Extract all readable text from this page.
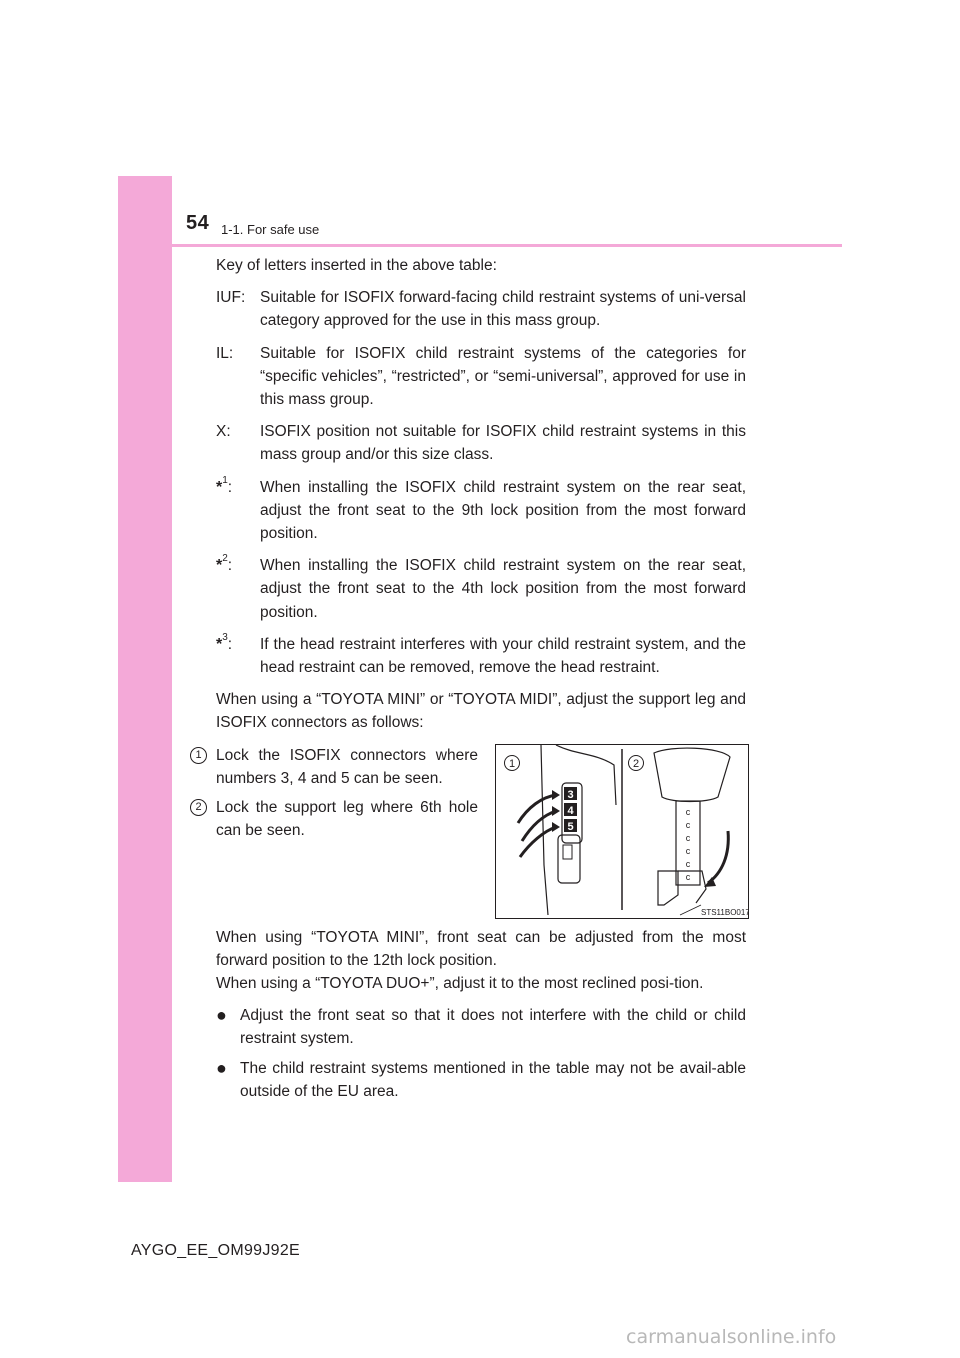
54 1-1. For safe use

Key of letters inserted in the above table:

IUF: Suitable for ISOFIX forward-facing child restraint systems of uni-versal category approved for the use in this mass group.
IL: Suitable for ISOFIX child restraint systems of the categories for “specific vehicles”, “restricted”, or “semi-universal”, approved for use in this mass group.
X: ISOFIX position not suitable for ISOFIX child restraint systems in this mass group and/or this size class.
*$^1$: When installing the ISOFIX child restraint system on the rear seat, adjust the front seat to the 9th lock position from the most forward position.
*$^2$: When installing the ISOFIX child restraint system on the rear seat, adjust the front seat to the 4th lock position from the most forward position.
*$^3$: If the head restraint interferes with your child restraint system, and the head restraint can be removed, remove the head restraint.

When using a “TOYOTA MINI” or “TOYOTA MIDI”, adjust the support leg and ISOFIX connectors as follows:

1 Lock the ISOFIX connectors where numbers 3, 4 and 5 can be seen.
2 Lock the support leg where 6th hole can be seen.
3
4
5
1	2
c
c
c
c
c
c
STS11BO017

When using “TOYOTA MINI”, front seat can be adjusted from the most forward position to the 12th lock position.

When using a “TOYOTA DUO+”, adjust it to the most reclined posi-tion.

● Adjust the front seat so that it does not interfere with the child or child restraint system.
● The child restraint systems mentioned in the table may not be avail-able outside of the EU area.
AYGO_EE_OM99J92E
carmanualsonline.info
